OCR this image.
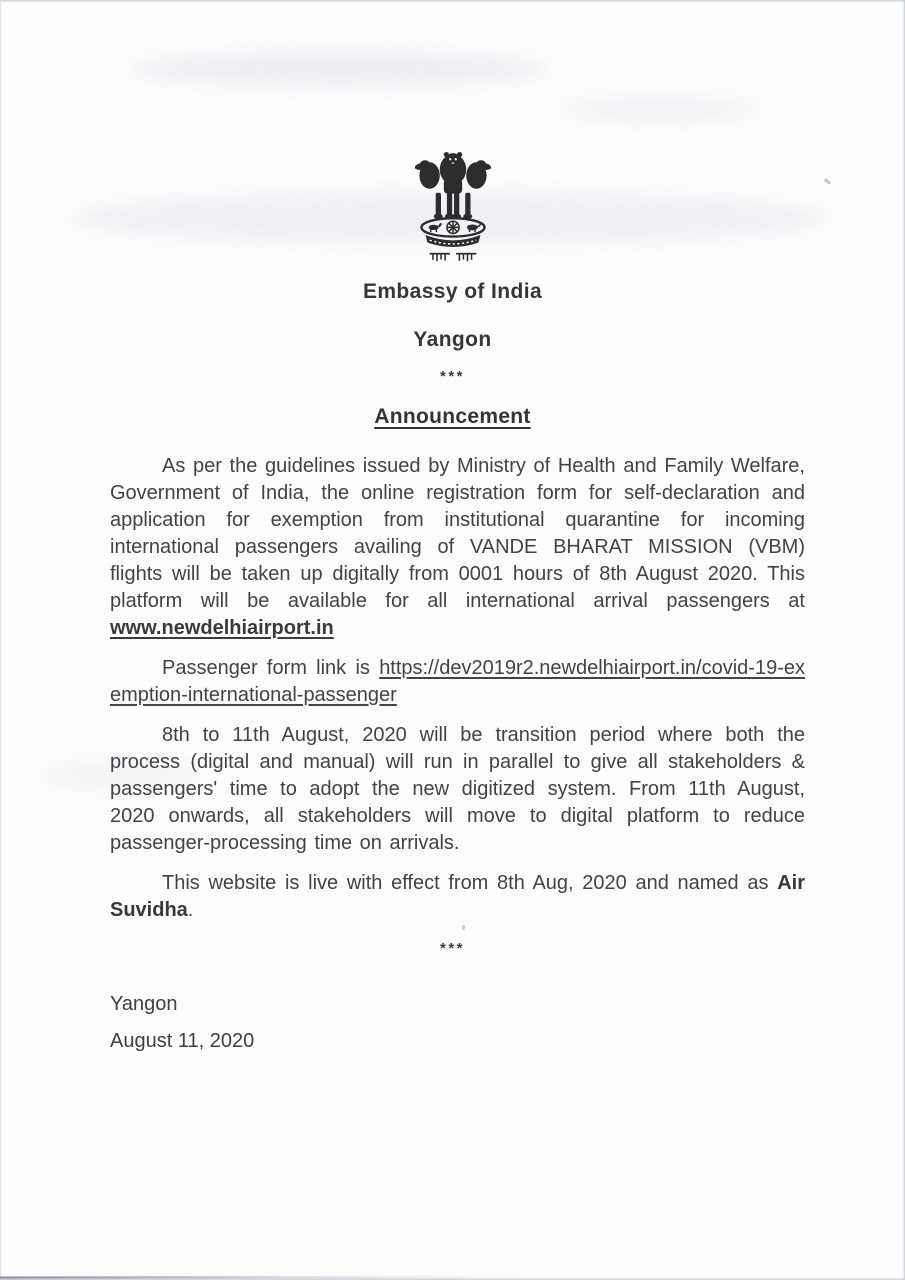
Embassy of India
Yangon
***
Announcement

As per the guidelines issued by Ministry of Health and Family Welfare, Government of India, the online registration form for self-declaration and application for exemption from institutional quarantine for incoming international passengers availing of VANDE BHARAT MISSION (VBM) flights will be taken up digitally from 0001 hours of 8th August 2020. This platform will be available for all international arrival passengers at www.newdelhiairport.in

Passenger form link is https://dev2019r2.newdelhiairport.in/covid-19-exemption-international-passenger

8th to 11th August, 2020 will be transition period where both the process (digital and manual) will run in parallel to give all stakeholders & passengers' time to adopt the new digitized system. From 11th August, 2020 onwards, all stakeholders will move to digital platform to reduce passenger-processing time on arrivals.

This website is live with effect from 8th Aug, 2020 and named as Air Suvidha.

***
Yangon
August 11, 2020
